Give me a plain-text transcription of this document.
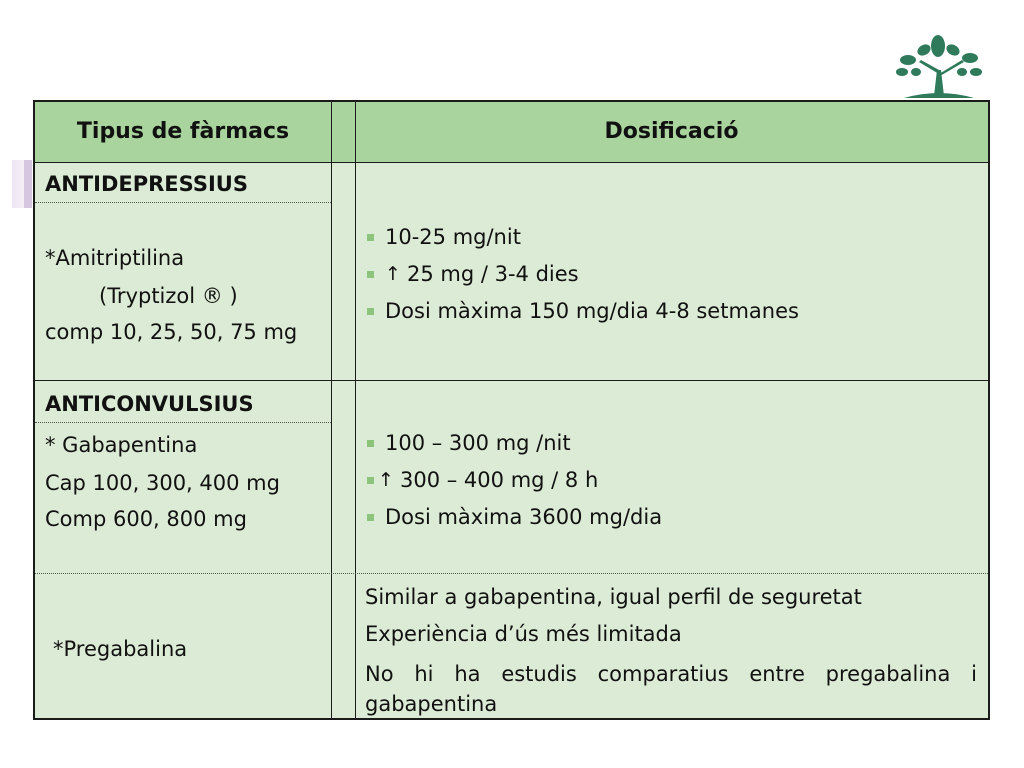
Tipus de fàrmacs	Dosificació
ANTIDEPRESSIUS
*Amitriptilina
(Tryptizol ® )
comp 10, 25, 50, 75 mg
10-25 mg/nit
↑ 25 mg / 3-4 dies
Dosi màxima 150 mg/dia 4-8 setmanes
ANTICONVULSIUS
* Gabapentina
Cap 100, 300, 400 mg
Comp 600, 800 mg
100 – 300 mg /nit
↑ 300 – 400 mg / 8 h
Dosi màxima 3600 mg/dia
*Pregabalina
Similar a gabapentina, igual perfil de seguretat
Experiència d’ús més limitada
No hi ha estudis comparatius entre pregabalina i gabapentina
